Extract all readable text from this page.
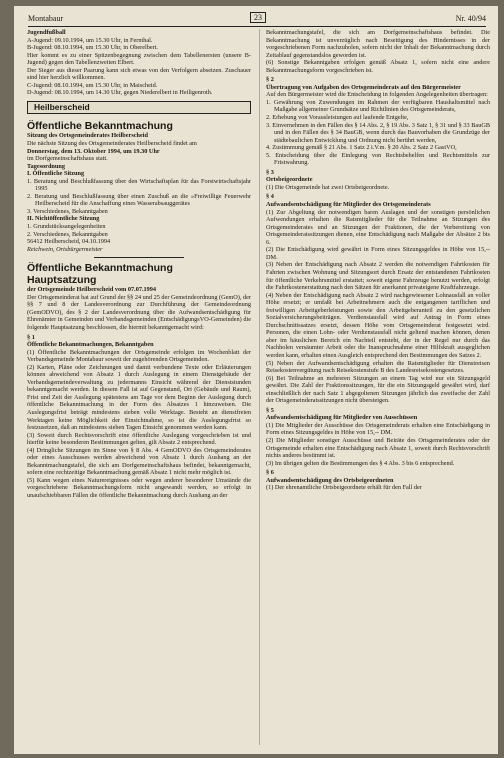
Montabaur	23	Nr. 40/94

Jugendfußball

A-Jugend: 09.10.1994, um 15.30 Uhr, in Fernthal.

B-Jugend: 08.10.1994, um 15.30 Uhr, in Oberelbert.

Hier kommt es zu einer Spitzenbegegnung zwischen dem Tabellenersten (unsere B-Jugend) gegen den Tabellenzweiten Elbert.

Der Sieger aus dieser Paarung kann sich etwas von den Verfolgern absetzen. Zuschauer sind hier herzlich willkommen.

C-Jugend: 08.10.1994, um 15.30 Uhr, in Maischeid.

D-Jugend: 08.10.1994, um 14.30 Uhr, gegen Niederelbert in Heiligenroth.

Heilberscheid

Öffentliche Bekanntmachung

Sitzung des Ortsgemeinderates Heilberscheid

Die nächste Sitzung des Ortsgemeinderates Heilberscheid findet am

Donnerstag, dem 13. Oktober 1994, um 19.30 Uhr

im Dorfgemeinschaftshaus statt.

Tagesordnung

I. Öffentliche Sitzung

1. Beratung und Beschlußfassung über den Wirtschaftsplan für das Forstwirtschaftsjahr 1995

2. Beratung und Beschlußfassung über einen Zuschuß an die »Freiwillige Feuerwehr Heilberscheid für die Anschaffung eines Wasserabsauggerätes

3. Verschiedenes, Bekanntgaben

II. Nichtöffentliche Sitzung

1. Grundstücksangelegenheiten

2. Verschiedenes, Bekanntgaben

56412 Heilberscheid, 04.10.1994

Reichwein, Ortsbürgermeister

Öffentliche Bekanntmachung

Hauptsatzung

der Ortsgemeinde Heilberscheid vom 07.07.1994

Der Ortsgemeinderat hat auf Grund der §§ 24 und 25 der Gemeindeordnung (GemO), der §§ 7 und 8 der Landesverordnung zur Durchführung der Gemeindeordnung (GemODVO), des § 2 der Landesverordnung über die Aufwandsentschädigung für Ehrenämter in Gemeinden und Verbandsgemeinden (EntschädigungsVO-Gemeinden) die folgende Hauptsatzung beschlossen, die hiermit bekanntgemacht wird:

§ 1

Öffentliche Bekanntmachungen, Bekanntgaben

(1) Öffentliche Bekanntmachungen der Ortsgemeinde erfolgen im Wochenblatt der Verbandsgemeinde Montabaur soweit der zugehörenden Ortsgemeinden.

(2) Karten, Pläne oder Zeichnungen und damit verbundene Texte oder Erläuterungen können abweichend von Absatz 1 durch Auslegung in einem Dienstgebäude der Verbandsgemeindeverwaltung zu jedermanns Einsicht während der Dienststunden bekanntgemacht werden. In diesem Fall ist auf Gegenstand, Ort (Gebäude und Raum), Frist und Zeit der Auslegung spätestens am Tage vor dem Beginn der Auslegung durch öffentliche Bekanntmachung in der Form des Absatzes 1 hinzuweisen. Die Auslegungsfrist beträgt mindestens sieben volle Werktage. Besteht an dienstfreien Werktagen keine Möglichkeit der Einsichtnahme, so ist die Auslegungsfrist so festzusetzen, daß an mindestens sieben Tagen Einsicht genommen werden kann.

(3) Soweit durch Rechtsvorschrift eine öffentliche Auslegung vorgeschrieben ist und hierfür keine besonderen Bestimmungen gelten, gilt Absatz 2 entsprechend.

(4) Dringliche Sitzungen im Sinne von § 8 Abs. 4 GemODVO des Ortsgemeinderates oder eines Ausschusses werden abweichend von Absatz 1 durch Aushang an der Bekanntmachungstafel, die sich am Dorfgemeinschaftshaus befindet, bekanntgemacht, sofern eine rechtzeitige Bekanntmachung gemäß Absatz 1 nicht mehr möglich ist.

(5) Kann wegen eines Naturereignisses oder wegen anderer besonderer Umstände die vorgeschriebene Bekanntmachungsform nicht angewandt werden, so erfolgt in unaufschiebbaren Fällen die öffentliche Bekanntmachung durch Aushang an der

Bekanntmachungstafel, die sich am Dorfgemeinschaftshaus befindet. Die Bekanntmachung ist unverzüglich nach Beseitigung des Hindernisses in der vorgeschriebenen Form nachzuholen, sofern nicht der Inhalt der Bekanntmachung durch Zeitablauf gegenstandslos geworden ist.

(6) Sonstige Bekanntgaben erfolgen gemäß Absatz 1, sofern nicht eine andere Bekanntmachungsform vorgeschrieben ist.

§ 2

Übertragung von Aufgaben des Ortsgemeinderats auf den Bürgermeister

Auf den Bürgermeister wird die Entscheidung in folgenden Angelegenheiten übertragen:

1. Gewährung von Zuwendungen im Rahmen der verfügbaren Haushaltsmittel nach Maßgabe allgemeiner Grundsätze und Richtlinien des Ortsgemeinderats,

2. Erhebung von Vorausleistungen auf laufende Entgelte,

3. Einvernehmen in den Fällen des § 14 Abs. 2, § 19 Abs. 3 Satz 1, § 31 und § 33 BauGB und in den Fällen des § 34 BauGB, wenn durch das Bauvorhaben die Grundzüge der städtebaulichen Entwicklung und Ordnung nicht berührt werden,

4. Zustimmung gemäß § 21 Abs. 1 Satz 2 i.V.m. § 20 Abs. 2 Satz 2 GastVO,

5. Entscheidung über die Einlegung von Rechtsbehelfen und Rechtsmitteln zur Fristwahrung.

§ 3

Ortsbeigeordnete

(1) Die Ortsgemeinde hat zwei Ortsbeigeordnete.

§ 4

Aufwandsentschädigung für Mitglieder des Ortsgemeinderats

(1) Zur Abgeltung der notwendigen baren Auslagen und der sonstigen persönlichen Aufwendungen erhalten die Ratsmitglieder für die Teilnahme an Sitzungen des Ortsgemeinderates und an Sitzungen der Fraktionen, die der Vorbereitung von Ortsgemeinderatssitzungen dienen, eine Entschädigung nach Maßgabe der Absätze 2 bis 6.

(2) Die Entschädigung wird gewährt in Form eines Sitzungsgeldes in Höhe von 15,-- DM.

(3) Neben der Entschädigung nach Absatz 2 werden die notwendigen Fahrtkosten für Fahrten zwischen Wohnung und Sitzungsort durch Ersatz der entstandenen Fahrtkosten für öffentliche Verkehrsmittel erstattet; soweit eigene Fahrzeuge benutzt werden, erfolgt die Fahrtkostenerstattung nach den Sätzen für anerkannt privateigene Kraftfahrzeuge.

(4) Neben der Entschädigung nach Absatz 2 wird nachgewiesener Lohnausfall an voller Höhe ersetzt; er umfaßt bei Arbeitnehmern auch die entgangenen tariflichen und freiwilligen Arbeitgeberleistungen sowie den Arbeitgeberanteil zu den gesetzlichen Sozialversicherungsbeiträgen. Verdienstausfall wird auf Antrag in Form eines Durchschnittssatzes ersetzt, dessen Höhe vom Ortsgemeinderat festgesetzt wird. Personen, die einen Lohn- oder Verdienstausfall nicht geltend machen können, denen aber im häuslichen Bereich ein Nachteil entsteht, der in der Regel nur durch das Nachholen versäumter Arbeit oder die Inanspruchnahme einer Hilfskraft ausgeglichen werden kann, erhalten einen Ausgleich entsprechend den Bestimmungen des Satzes 2.

(5) Neben der Aufwandsentschädigung erhalten die Ratsmitglieder für Dienstreisen Reisekostenvergütung nach Reisekostenstufe B des Landesreisekostengesetzes.

(6) Bei Teilnahme an mehreren Sitzungen an einem Tag wird nur ein Sitzungsgeld gewährt. Die Zahl der Fraktionssitzungen, für die ein Sitzungsgeld gewährt wird, darf einschließlich der nach Satz 1 abgegoltenen Sitzungen jährlich das zweifache der Zahl der Ortsgemeinderatssitzungen nicht übersteigen.

§ 5

Aufwandsentschädigung für Mitglieder von Ausschüssen

(1) Die Mitglieder der Ausschüsse des Ortsgemeinderats erhalten eine Entschädigung in Form eines Sitzungsgeldes in Höhe von 15,-- DM.

(2) Die Mitglieder sonstiger Ausschüsse und Beiräte des Ortsgemeinderates oder der Ortsgemeinde erhalten eine Entschädigung nach Absatz 1, soweit durch Rechtsvorschrift nichts anderes bestimmt ist.

(3) Im übrigen gelten die Bestimmungen des § 4 Abs. 3 bis 6 entsprechend.

§ 6

Aufwandsentschädigung des Ortsbeigeordneten

(1) Der ehrenamtliche Ortsbeigeordnete erhält für den Fall der
